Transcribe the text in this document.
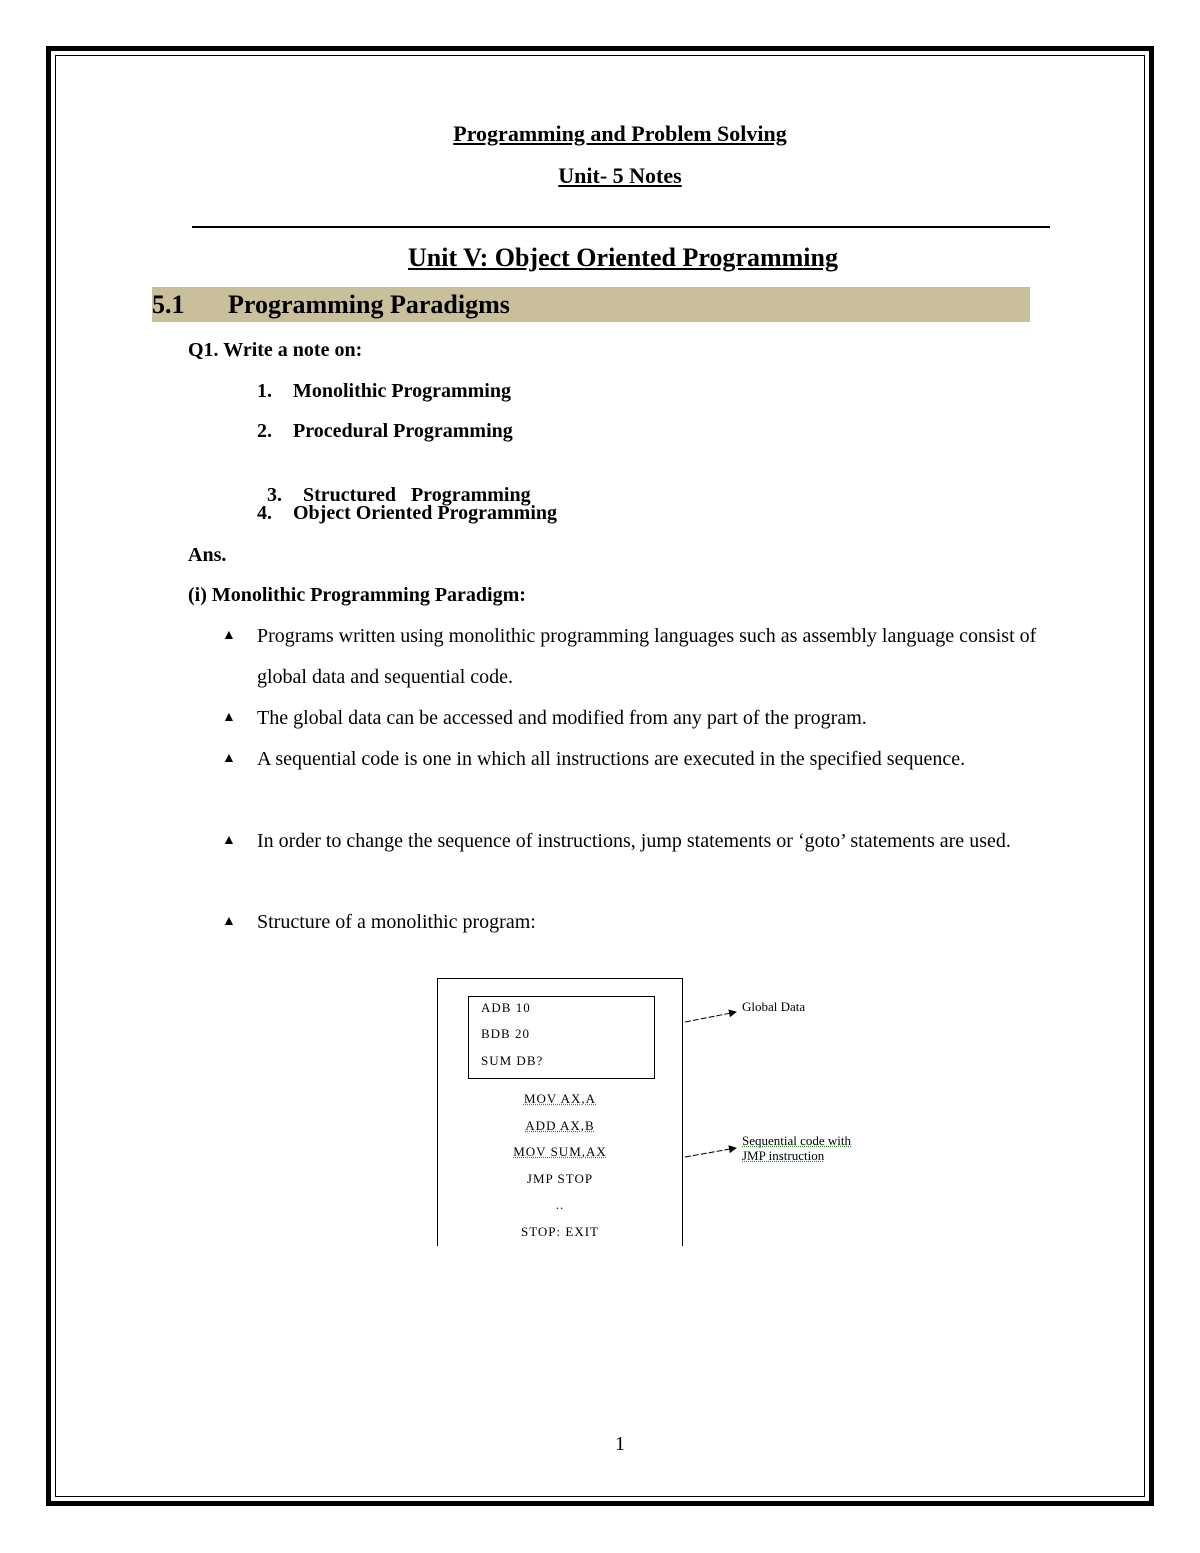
Programming and Problem Solving
Unit- 5 Notes
Unit V: Object Oriented Programming
5.1 Programming Paradigms
Q1. Write a note on:
1. Monolithic Programming
2. Procedural Programming

3. Structured   Programming

4. Object Oriented Programming
Ans.
(i) Monolithic Programming Paradigm:
▲ Programs written using monolithic programming languages such as assembly language consist of global data and sequential code.
▲ The global data can be accessed and modified from any part of the program.
▲ A sequential code is one in which all instructions are executed in the specified sequence.
▲ In order to change the sequence of instructions, jump statements or ‘goto’ statements are used.
▲ Structure of a monolithic program:
ADB 10
BDB 20
SUM DB?
MOV AX,A
ADD AX,B
MOV SUM,AX
JMP STOP
..
STOP: EXIT
Global Data
Sequential code with
JMP instruction
1
